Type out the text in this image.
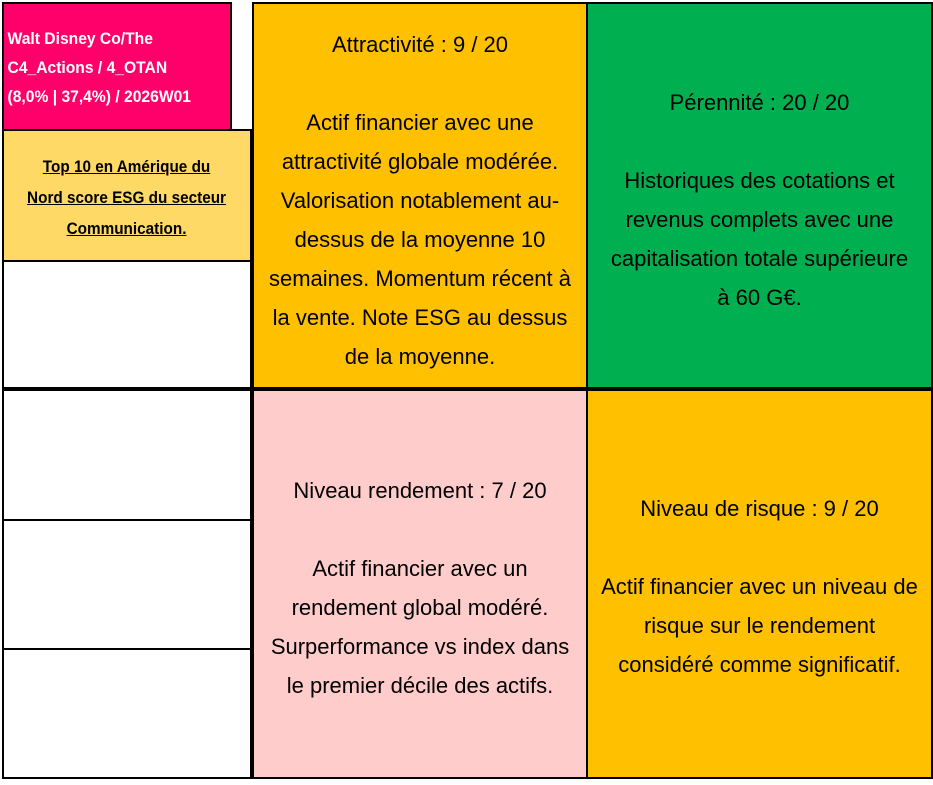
Walt Disney Co/The
C4_Actions / 4_OTAN
(8,0% | 37,4%) / 2026W01
Top 10 en Amérique du
Nord score ESG du secteur
Communication.
Attractivité : 9 / 20
Actif financier avec une
attractivité globale modérée.
Valorisation notablement au-
dessus de la moyenne 10
semaines. Momentum récent à
la vente. Note ESG au dessus
de la moyenne.
Pérennité : 20 / 20
Historiques des cotations et
revenus complets avec une
capitalisation totale supérieure
à 60 G€.
Niveau rendement : 7 / 20
Actif financier avec un
rendement global modéré.
Surperformance vs index dans
le premier décile des actifs.
Niveau de risque : 9 / 20
Actif financier avec un niveau de
risque sur le rendement
considéré comme significatif.
